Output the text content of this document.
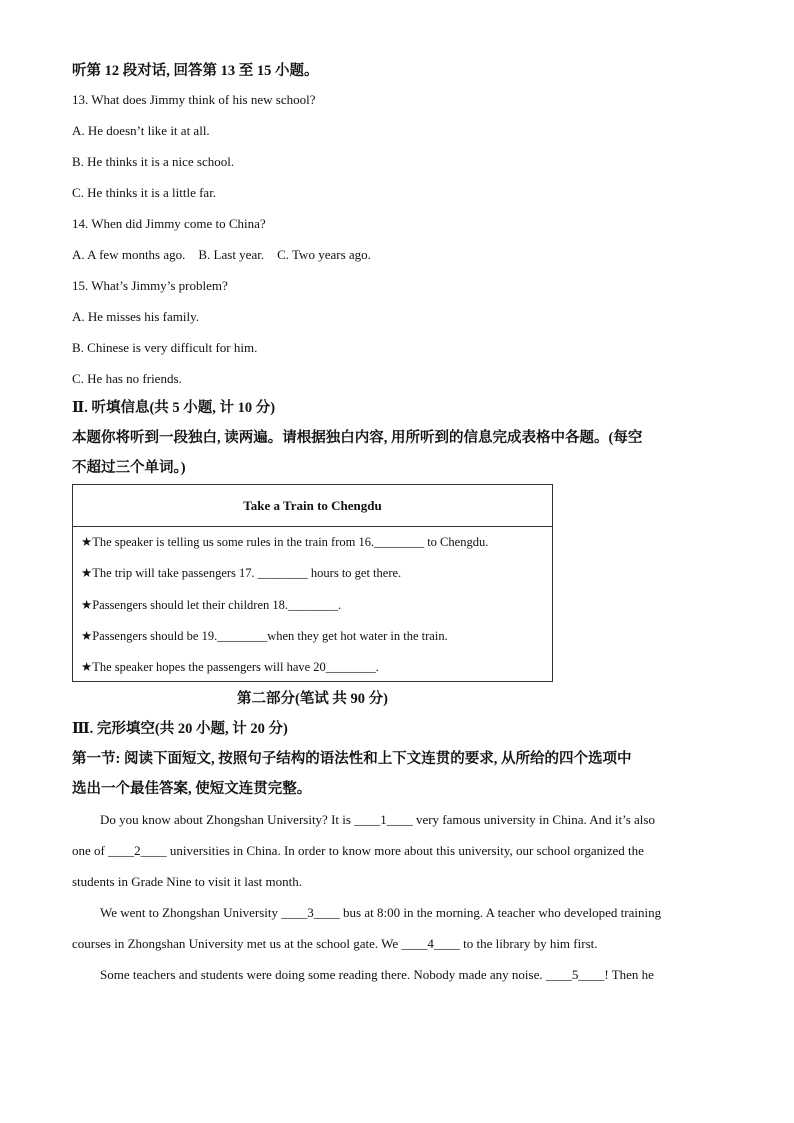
听第 12 段对话, 回答第 13 至 15 小题。

13. What does Jimmy think of his new school?

A. He doesn’t like it at all.

B. He thinks it is a nice school.

C. He thinks it is a little far.

14. When did Jimmy come to China?

A. A few months ago.    B. Last year.    C. Two years ago.

15. What’s Jimmy’s problem?

A. He misses his family.

B. Chinese is very difficult for him.

C. He has no friends.

Ⅱ. 听填信息(共 5 小题, 计 10 分)

本题你将听到一段独白, 读两遍。请根据独白内容, 用所听到的信息完成表格中各题。(每空

不超过三个单词。)

Take a Train to Chengdu

★The speaker is telling us some rules in the train from 16.________ to Chengdu.

★The trip will take passengers 17. ________ hours to get there.

★Passengers should let their children 18.________.

★Passengers should be 19.________when they get hot water in the train.

★The speaker hopes the passengers will have 20________.

第二部分(笔试 共 90 分)

Ⅲ. 完形填空(共 20 小题, 计 20 分)

第一节: 阅读下面短文, 按照句子结构的语法性和上下文连贯的要求, 从所给的四个选项中

选出一个最佳答案, 使短文连贯完整。

Do you know about Zhongshan University? It is ____1____ very famous university in China. And it’s also

one of ____2____ universities in China. In order to know more about this university, our school organized the

students in Grade Nine to visit it last month.

We went to Zhongshan University ____3____ bus at 8:00 in the morning. A teacher who developed training

courses in Zhongshan University met us at the school gate. We ____4____ to the library by him first.

Some teachers and students were doing some reading there. Nobody made any noise. ____5____! Then he
